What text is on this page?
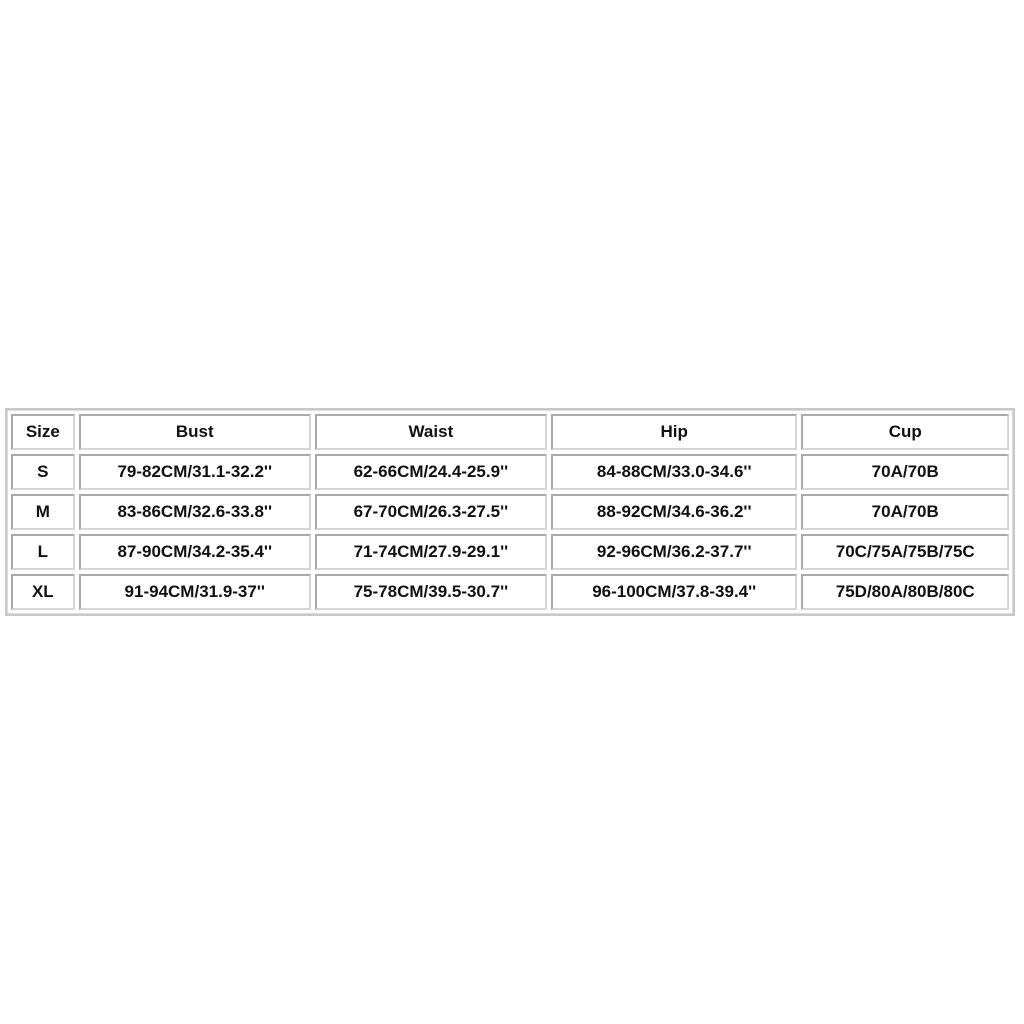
Size	Bust	Waist	Hip	Cup
S	79-82CM/31.1-32.2''	62-66CM/24.4-25.9''	84-88CM/33.0-34.6''	70A/70B
M	83-86CM/32.6-33.8''	67-70CM/26.3-27.5''	88-92CM/34.6-36.2''	70A/70B
L	87-90CM/34.2-35.4''	71-74CM/27.9-29.1''	92-96CM/36.2-37.7''	70C/75A/75B/75C
XL	91-94CM/31.9-37''	75-78CM/39.5-30.7''	96-100CM/37.8-39.4''	75D/80A/80B/80C
